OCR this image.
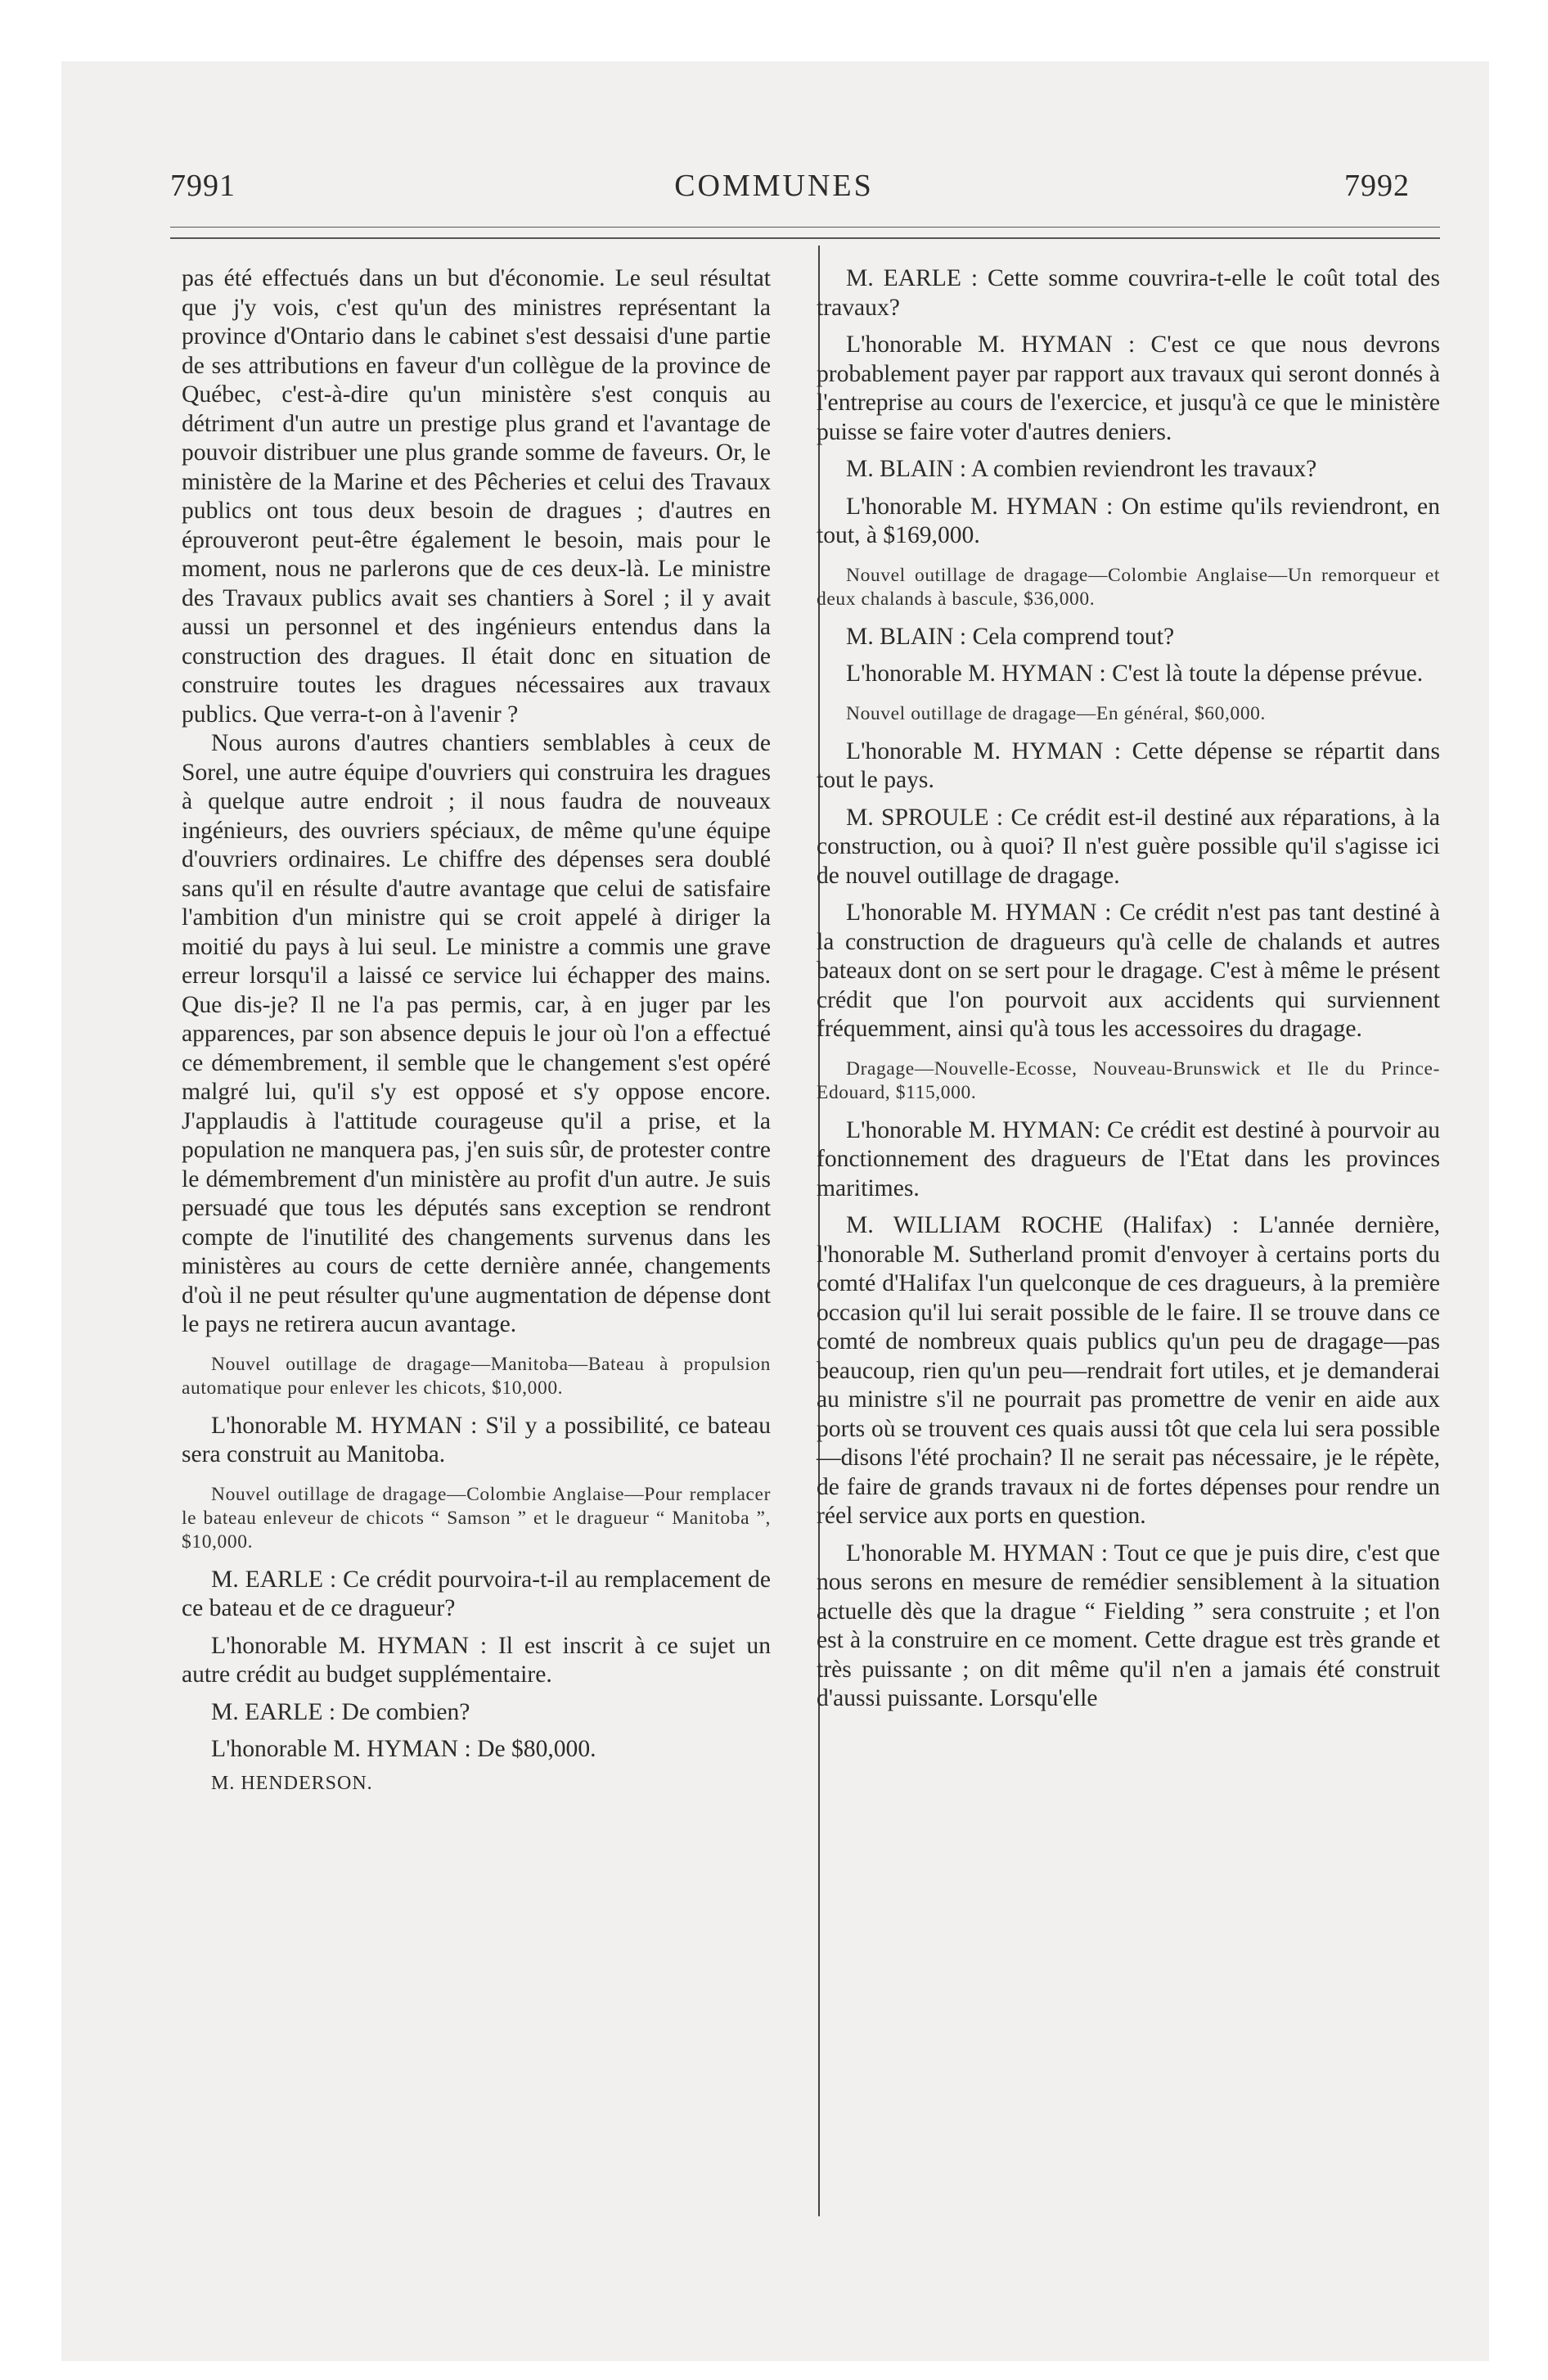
7991	COMMUNES	7992

pas été effectués dans un but d'économie. Le seul résultat que j'y vois, c'est qu'un des ministres représentant la province d'Ontario dans le cabinet s'est dessaisi d'une partie de ses attributions en faveur d'un collègue de la province de Québec, c'est-à-dire qu'un ministère s'est conquis au détriment d'un autre un prestige plus grand et l'avantage de pouvoir distribuer une plus grande somme de faveurs. Or, le ministère de la Marine et des Pêcheries et celui des Travaux publics ont tous deux besoin de dragues ; d'autres en éprouveront peut-être également le besoin, mais pour le moment, nous ne parlerons que de ces deux-là. Le ministre des Travaux publics avait ses chantiers à Sorel ; il y avait aussi un personnel et des ingénieurs entendus dans la construction des dragues. Il était donc en situation de construire toutes les dragues nécessaires aux travaux publics. Que verra-t-on à l'avenir ?

Nous aurons d'autres chantiers semblables à ceux de Sorel, une autre équipe d'ouvriers qui construira les dragues à quelque autre endroit ; il nous faudra de nouveaux ingénieurs, des ouvriers spéciaux, de même qu'une équipe d'ouvriers ordinaires. Le chiffre des dépenses sera doublé sans qu'il en résulte d'autre avantage que celui de satisfaire l'ambition d'un ministre qui se croit appelé à diriger la moitié du pays à lui seul. Le ministre a commis une grave erreur lorsqu'il a laissé ce service lui échapper des mains. Que dis-je? Il ne l'a pas permis, car, à en juger par les apparences, par son absence depuis le jour où l'on a effectué ce démembrement, il semble que le changement s'est opéré malgré lui, qu'il s'y est opposé et s'y oppose encore. J'applaudis à l'attitude courageuse qu'il a prise, et la population ne manquera pas, j'en suis sûr, de protester contre le démembrement d'un ministère au profit d'un autre. Je suis persuadé que tous les députés sans exception se rendront compte de l'inutilité des changements survenus dans les ministères au cours de cette dernière année, changements d'où il ne peut résulter qu'une augmentation de dépense dont le pays ne retirera aucun avantage.

Nouvel outillage de dragage—Manitoba—Bateau à propulsion automatique pour enlever les chicots, $10,000.

L'honorable M. HYMAN : S'il y a possibilité, ce bateau sera construit au Manitoba.

Nouvel outillage de dragage—Colombie Anglaise—Pour remplacer le bateau enleveur de chicots “ Samson ” et le dragueur “ Manitoba ”, $10,000.

M. EARLE : Ce crédit pourvoira-t-il au remplacement de ce bateau et de ce dragueur?

L'honorable M. HYMAN : Il est inscrit à ce sujet un autre crédit au budget supplémentaire.

M. EARLE : De combien?

L'honorable M. HYMAN : De $80,000.

M. HENDERSON.

M. EARLE : Cette somme couvrira-t-elle le coût total des travaux?

L'honorable M. HYMAN : C'est ce que nous devrons probablement payer par rapport aux travaux qui seront donnés à l'entreprise au cours de l'exercice, et jusqu'à ce que le ministère puisse se faire voter d'autres deniers.

M. BLAIN : A combien reviendront les travaux?

L'honorable M. HYMAN : On estime qu'ils reviendront, en tout, à $169,000.

Nouvel outillage de dragage—Colombie Anglaise—Un remorqueur et deux chalands à bascule, $36,000.

M. BLAIN : Cela comprend tout?

L'honorable M. HYMAN : C'est là toute la dépense prévue.

Nouvel outillage de dragage—En général, $60,000.

L'honorable M. HYMAN : Cette dépense se répartit dans tout le pays.

M. SPROULE : Ce crédit est-il destiné aux réparations, à la construction, ou à quoi? Il n'est guère possible qu'il s'agisse ici de nouvel outillage de dragage.

L'honorable M. HYMAN : Ce crédit n'est pas tant destiné à la construction de dragueurs qu'à celle de chalands et autres bateaux dont on se sert pour le dragage. C'est à même le présent crédit que l'on pourvoit aux accidents qui surviennent fréquemment, ainsi qu'à tous les accessoires du dragage.

Dragage—Nouvelle-Ecosse, Nouveau-Brunswick et Ile du Prince-Edouard, $115,000.

L'honorable M. HYMAN: Ce crédit est destiné à pourvoir au fonctionnement des dragueurs de l'Etat dans les provinces maritimes.

M. WILLIAM ROCHE (Halifax) : L'année dernière, l'honorable M. Sutherland promit d'envoyer à certains ports du comté d'Halifax l'un quelconque de ces dragueurs, à la première occasion qu'il lui serait possible de le faire. Il se trouve dans ce comté de nombreux quais publics qu'un peu de dragage—pas beaucoup, rien qu'un peu—rendrait fort utiles, et je demanderai au ministre s'il ne pourrait pas promettre de venir en aide aux ports où se trouvent ces quais aussi tôt que cela lui sera possible—disons l'été prochain? Il ne serait pas nécessaire, je le répète, de faire de grands travaux ni de fortes dépenses pour rendre un réel service aux ports en question.

L'honorable M. HYMAN : Tout ce que je puis dire, c'est que nous serons en mesure de remédier sensiblement à la situation actuelle dès que la drague “ Fielding ” sera construite ; et l'on est à la construire en ce moment. Cette drague est très grande et très puissante ; on dit même qu'il n'en a jamais été construit d'aussi puissante. Lorsqu'elle
